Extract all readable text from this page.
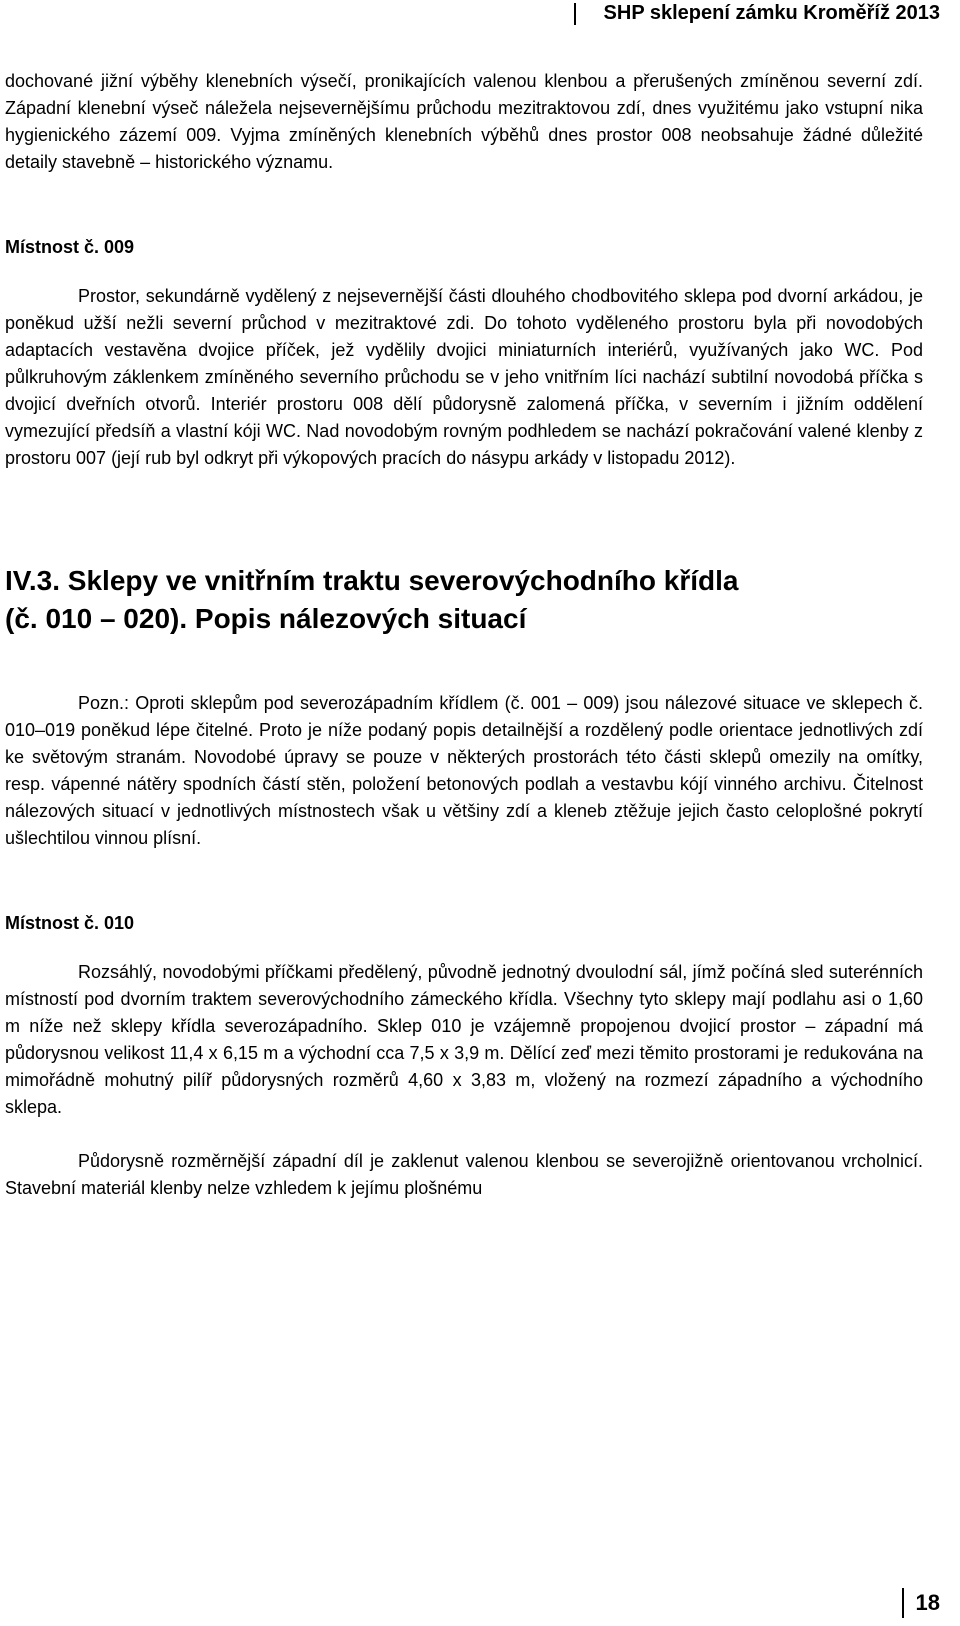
SHP sklepení zámku Kroměříž 2013

dochované jižní výběhy klenebních výsečí, pronikajících valenou klenbou a přerušených zmíněnou severní zdí. Západní klenební výseč náležela nejsevernějšímu průchodu mezitraktovou zdí, dnes využitému jako vstupní nika hygienického zázemí 009. Vyjma zmíněných klenebních výběhů dnes prostor 008 neobsahuje žádné důležité detaily stavebně – historického významu.

Místnost č. 009

Prostor, sekundárně vydělený z nejsevernější části dlouhého chodbovitého sklepa pod dvorní arkádou, je poněkud užší nežli severní průchod v mezitraktové zdi. Do tohoto vyděleného prostoru byla při novodobých adaptacích vestavěna dvojice příček, jež vydělily dvojici miniaturních interiérů, využívaných jako WC. Pod půlkruhovým záklenkem zmíněného severního průchodu se v jeho vnitřním líci nachází subtilní novodobá příčka s dvojicí dveřních otvorů. Interiér prostoru 008 dělí půdorysně zalomená příčka, v severním i jižním oddělení vymezující předsíň a vlastní kóji WC. Nad novodobým rovným podhledem se nachází pokračování valené klenby z prostoru 007 (její rub byl odkryt při výkopových pracích do násypu arkády v listopadu 2012).

IV.3. Sklepy ve vnitřním traktu severovýchodního křídla

(č. 010 – 020). Popis nálezových situací

Pozn.: Oproti sklepům pod severozápadním křídlem (č. 001 – 009) jsou nálezové situace ve sklepech č. 010–019 poněkud lépe čitelné. Proto je níže podaný popis detailnější a rozdělený podle orientace jednotlivých zdí ke světovým stranám. Novodobé úpravy se pouze v některých prostorách této části sklepů omezily na omítky, resp. vápenné nátěry spodních částí stěn, položení betonových podlah a vestavbu kójí vinného archivu. Čitelnost nálezových situací v jednotlivých místnostech však u většiny zdí a kleneb ztěžuje jejich často celoplošné pokrytí ušlechtilou vinnou plísní.

Místnost č. 010

Rozsáhlý, novodobými příčkami předělený, původně jednotný dvoulodní sál, jímž počíná sled suterénních místností pod dvorním traktem severovýchodního zámeckého křídla. Všechny tyto sklepy mají podlahu asi o 1,60 m níže než sklepy křídla severozápadního. Sklep 010 je vzájemně propojenou dvojicí prostor – západní má půdorysnou velikost 11,4 x 6,15 m a východní cca 7,5 x 3,9 m. Dělící zeď mezi těmito prostorami je redukována na mimořádně mohutný pilíř půdorysných rozměrů 4,60 x 3,83 m, vložený na rozmezí západního a východního sklepa.

Půdorysně rozměrnější západní díl je zaklenut valenou klenbou se severojižně orientovanou vrcholnicí. Stavební materiál klenby nelze vzhledem k jejímu plošnému

18
